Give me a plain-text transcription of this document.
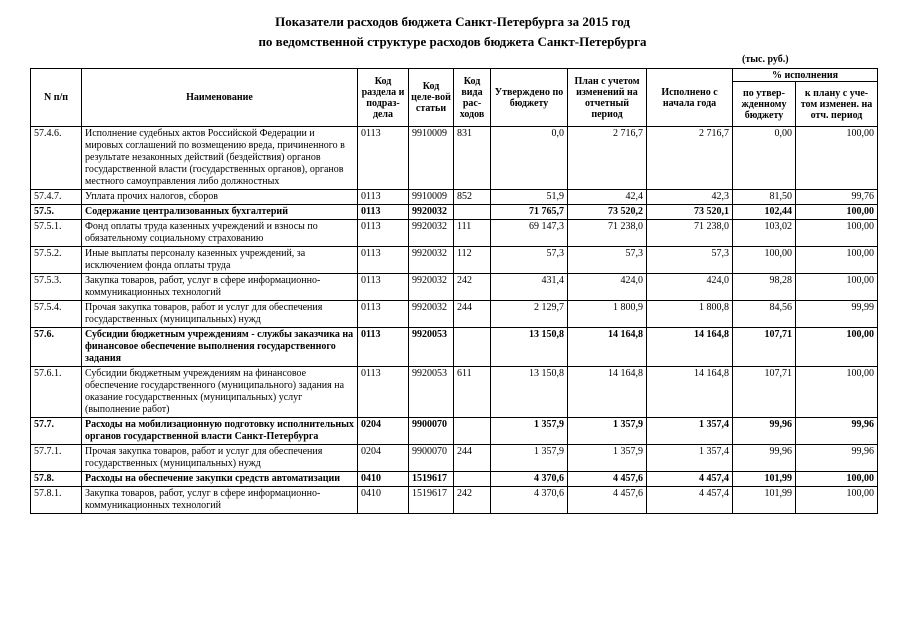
Показатели расходов бюджета Санкт-Петербурга за 2015 год
по ведомственной структуре расходов бюджета Санкт-Петербурга
(тыс. руб.)
N п/п	Наименование	Код раздела и подраз-дела	Код целе-вой статьи	Код вида рас-ходов	Утверждено по бюджету	План с учетом изменений на отчетный период	Исполнено с начала года	% исполнения	
								по утвер-жденному бюджету	к плану с уче-том изменен. на отч. период
57.4.6.	Исполнение судебных актов Российской Федерации и мировых соглашений по возмещению вреда, причиненного в результате незаконных действий (бездействия) органов государственной власти (государственных органов), органов местного самоуправления либо должностных	0113	9910009	831	0,0	2 716,7	2 716,7	0,00	100,00
57.4.7.	Уплата прочих налогов, сборов	0113	9910009	852	51,9	42,4	42,3	81,50	99,76
57.5.	Содержание централизованных бухгалтерий	0113	9920032		71 765,7	73 520,2	73 520,1	102,44	100,00
57.5.1.	Фонд оплаты труда казенных учреждений и взносы по обязательному социальному страхованию	0113	9920032	111	69 147,3	71 238,0	71 238,0	103,02	100,00
57.5.2.	Иные выплаты персоналу казенных учреждений, за исключением фонда оплаты труда	0113	9920032	112	57,3	57,3	57,3	100,00	100,00
57.5.3.	Закупка товаров, работ, услуг в сфере информационно-коммуникационных технологий	0113	9920032	242	431,4	424,0	424,0	98,28	100,00
57.5.4.	Прочая закупка товаров, работ и услуг для обеспечения государственных (муниципальных) нужд	0113	9920032	244	2 129,7	1 800,9	1 800,8	84,56	99,99
57.6.	Субсидии бюджетным учреждениям - службы заказчика на финансовое обеспечение выполнения государственного задания	0113	9920053		13 150,8	14 164,8	14 164,8	107,71	100,00
57.6.1.	Субсидии бюджетным учреждениям на финансовое обеспечение государственного (муниципального) задания на оказание государственных (муниципальных) услуг (выполнение работ)	0113	9920053	611	13 150,8	14 164,8	14 164,8	107,71	100,00
57.7.	Расходы на мобилизационную подготовку исполнительных органов государственной власти Санкт-Петербурга	0204	9900070		1 357,9	1 357,9	1 357,4	99,96	99,96
57.7.1.	Прочая закупка товаров, работ и услуг для обеспечения государственных (муниципальных) нужд	0204	9900070	244	1 357,9	1 357,9	1 357,4	99,96	99,96
57.8.	Расходы на обеспечение закупки средств автоматизации	0410	1519617		4 370,6	4 457,6	4 457,4	101,99	100,00
57.8.1.	Закупка товаров, работ, услуг в сфере информационно-коммуникационных технологий	0410	1519617	242	4 370,6	4 457,6	4 457,4	101,99	100,00
